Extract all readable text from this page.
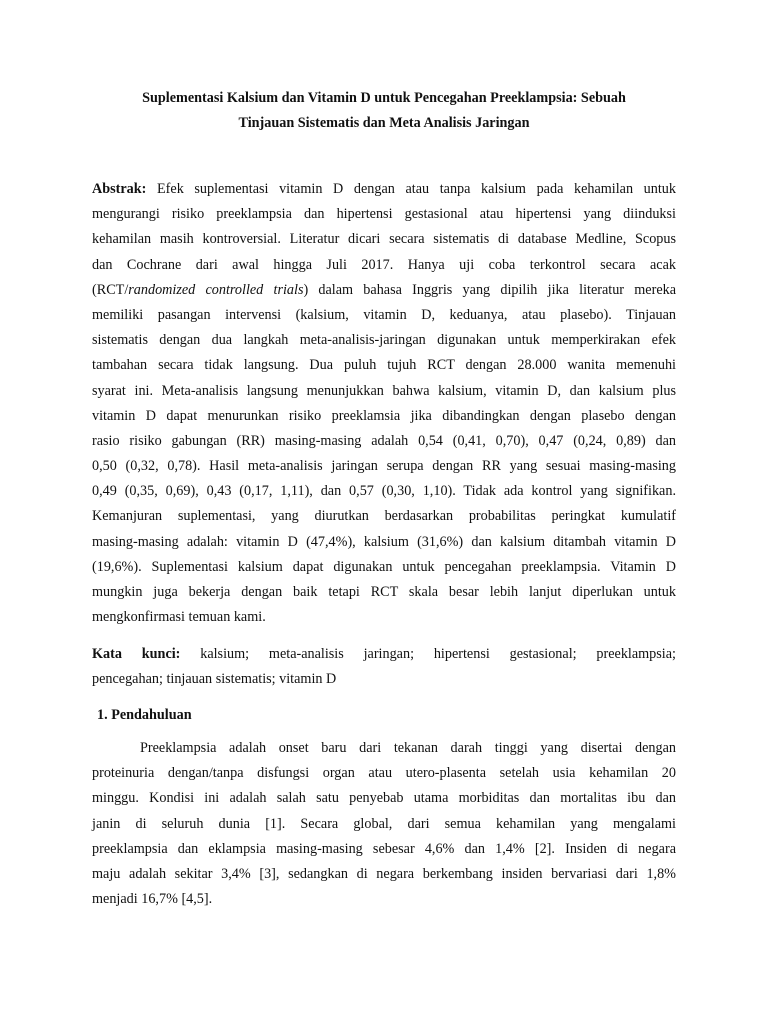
Suplementasi Kalsium dan Vitamin D untuk Pencegahan Preeklampsia: Sebuah
Tinjauan Sistematis dan Meta Analisis Jaringan
Abstrak: Efek suplementasi vitamin D dengan atau tanpa kalsium pada kehamilan untuk
mengurangi risiko preeklampsia dan hipertensi gestasional atau hipertensi yang diinduksi
kehamilan masih kontroversial. Literatur dicari secara sistematis di database Medline, Scopus
dan Cochrane dari awal hingga Juli 2017. Hanya uji coba terkontrol secara acak
(RCT/randomized controlled trials) dalam bahasa Inggris yang dipilih jika literatur mereka
memiliki pasangan intervensi (kalsium, vitamin D, keduanya, atau plasebo). Tinjauan
sistematis dengan dua langkah meta-analisis-jaringan digunakan untuk memperkirakan efek
tambahan secara tidak langsung. Dua puluh tujuh RCT dengan 28.000 wanita memenuhi
syarat ini. Meta-analisis langsung menunjukkan bahwa kalsium, vitamin D, dan kalsium plus
vitamin D dapat menurunkan risiko preeklamsia jika dibandingkan dengan plasebo dengan
rasio risiko gabungan (RR) masing-masing adalah 0,54 (0,41, 0,70), 0,47 (0,24, 0,89) dan
0,50 (0,32, 0,78). Hasil meta-analisis jaringan serupa dengan RR yang sesuai masing-masing
0,49 (0,35, 0,69), 0,43 (0,17, 1,11), dan 0,57 (0,30, 1,10). Tidak ada kontrol yang signifikan.
Kemanjuran suplementasi, yang diurutkan berdasarkan probabilitas peringkat kumulatif
masing-masing adalah: vitamin D (47,4%), kalsium (31,6%) dan kalsium ditambah vitamin D
(19,6%). Suplementasi kalsium dapat digunakan untuk pencegahan preeklampsia. Vitamin D
mungkin juga bekerja dengan baik tetapi RCT skala besar lebih lanjut diperlukan untuk
mengkonfirmasi temuan kami.
Kata kunci: kalsium; meta-analisis jaringan; hipertensi gestasional; preeklampsia;
pencegahan; tinjauan sistematis; vitamin D
1. Pendahuluan
Preeklampsia adalah onset baru dari tekanan darah tinggi yang disertai dengan
proteinuria dengan/tanpa disfungsi organ atau utero-plasenta setelah usia kehamilan 20
minggu. Kondisi ini adalah salah satu penyebab utama morbiditas dan mortalitas ibu dan
janin di seluruh dunia [1]. Secara global, dari semua kehamilan yang mengalami
preeklampsia dan eklampsia masing-masing sebesar 4,6% dan 1,4% [2]. Insiden di negara
maju adalah sekitar 3,4% [3], sedangkan di negara berkembang insiden bervariasi dari 1,8%
menjadi 16,7% [4,5].
